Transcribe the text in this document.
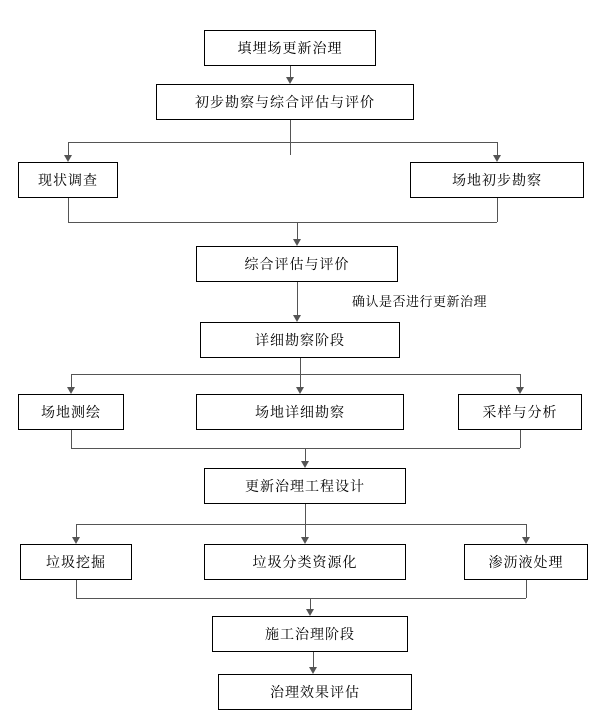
填埋场更新治理
初步勘察与综合评估与评价
现状调查	场地初步勘察
综合评估与评价
详细勘察阶段
场地测绘	场地详细勘察	采样与分析
更新治理工程设计
垃圾挖掘	垃圾分类资源化	渗沥液处理
施工治理阶段
治理效果评估
确认是否进行更新治理
